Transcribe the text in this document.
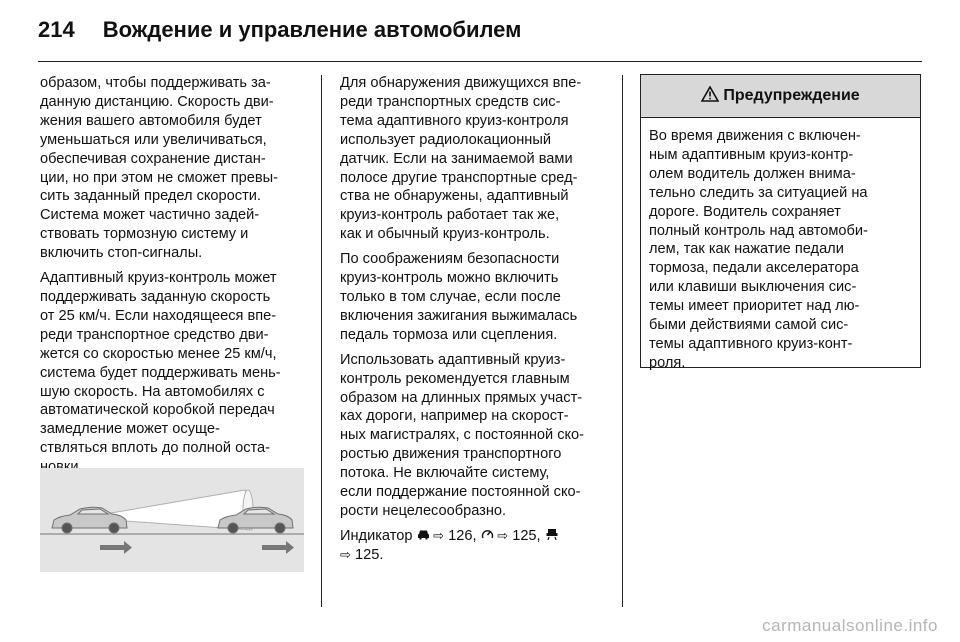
214 Вождение и управление автомобилем

образом, чтобы поддерживать за-
данную дистанцию. Скорость дви-
жения вашего автомобиля будет
уменьшаться или увеличиваться,
обеспечивая сохранение дистан-
ции, но при этом не сможет превы-
сить заданный предел скорости.
Система может частично задей-
ствовать тормозную систему и
включить стоп-сигналы.

Адаптивный круиз-контроль может
поддерживать заданную скорость
от 25 км/ч. Если находящееся впе-
реди транспортное средство дви-
жется со скоростью менее 25 км/ч,
система будет поддерживать мень-
шую скорость. На автомобилях с
автоматической коробкой передач
замедление может осуще-
ствляться вплоть до полной оста-

Для обнаружения движущихся впе-
реди транспортных средств сис-
тема адаптивного круиз-контроля
использует радиолокационный
датчик. Если на занимаемой вами
полосе другие транспортные сред-
ства не обнаружены, адаптивный
круиз-контроль работает так же,
как и обычный круиз-контроль.

По соображениям безопасности
круиз-контроль можно включить
только в том случае, если после
включения зажигания выжималась
педаль тормоза или сцепления.

Использовать адаптивный круиз-
контроль рекомендуется главным
образом на длинных прямых участ-
ках дороги, например на скорост-
ных магистралях, с постоянной ско-
ростью движения транспортного
потока. Не включайте систему,
если поддержание постоянной ско-
рости нецелесообразно.

Индикатор ⇨ 126, ⇨ 125,
⇨ 125.

Предупреждение
Во время движения с включен-
ным адаптивным круиз-контр-
олем водитель должен внима-
тельно следить за ситуацией на
дороге. Водитель сохраняет
полный контроль над автомоби-
лем, так как нажатие педали
тормоза, педали акселератора
или клавиши выключения сис-
темы имеет приоритет над лю-
быми действиями самой сис-
темы адаптивного круиз-конт-
роля.
carmanualsonline.info
